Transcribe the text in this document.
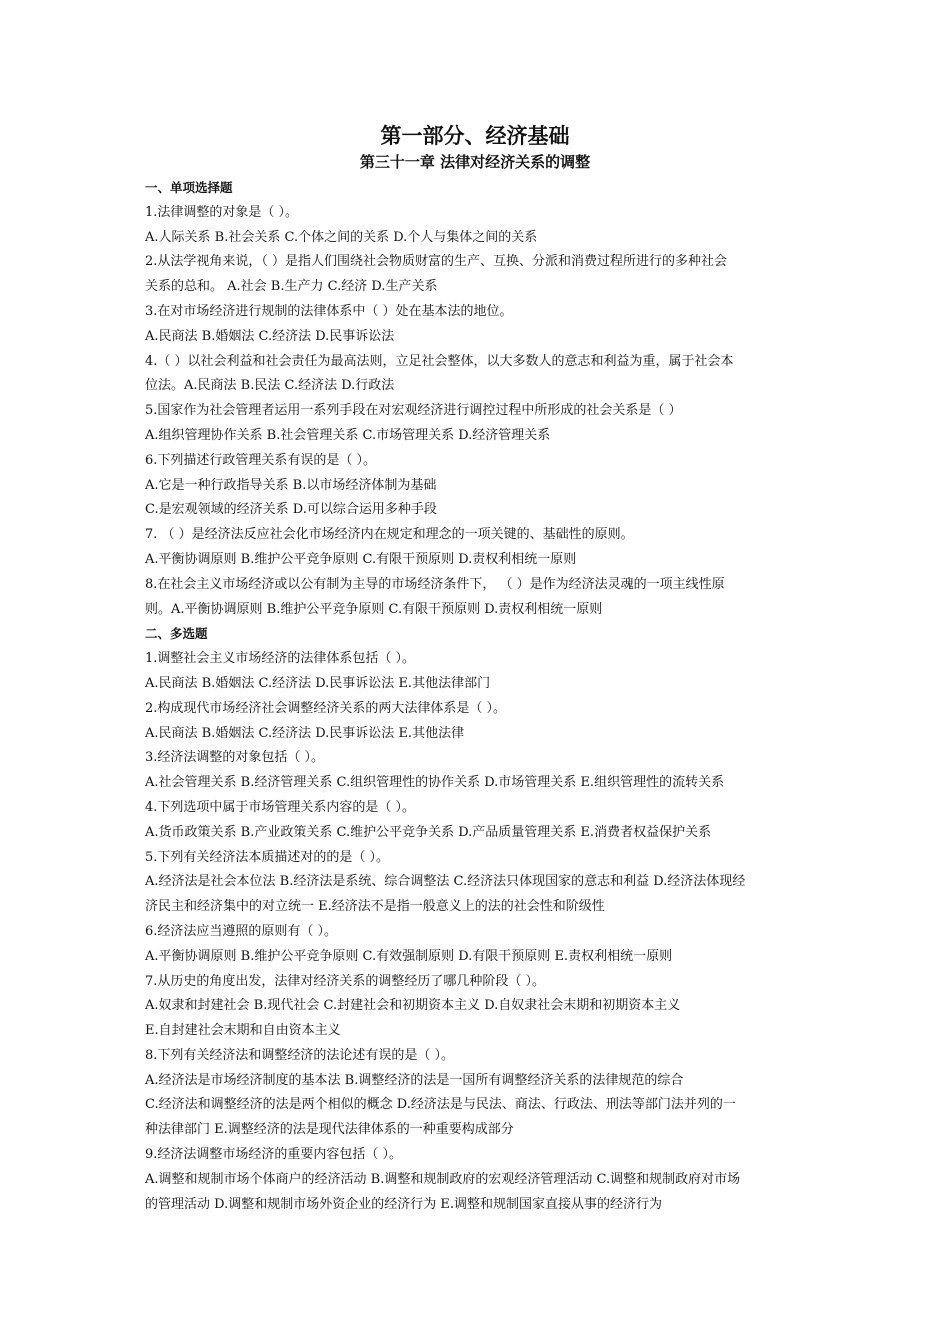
第一部分、经济基础
第三十一章 法律对经济关系的调整
一、单项选择题
1.法律调整的对象是（ ）。
A.人际关系 B.社会关系 C.个体之间的关系 D.个人与集体之间的关系
2.从法学视角来说，（ ）是指人们围绕社会物质财富的生产、互换、分派和消费过程所进行的多种社会
关系的总和。 A.社会 B.生产力 C.经济 D.生产关系
3.在对市场经济进行规制的法律体系中（ ）处在基本法的地位。
A.民商法 B.婚姻法 C.经济法 D.民事诉讼法
4.（ ）以社会利益和社会责任为最高法则，立足社会整体，以大多数人的意志和利益为重，属于社会本
位法。A.民商法 B.民法 C.经济法 D.行政法
5.国家作为社会管理者运用一系列手段在对宏观经济进行调控过程中所形成的社会关系是（ ）
A.组织管理协作关系 B.社会管理关系 C.市场管理关系 D.经济管理关系
6.下列描述行政管理关系有误的是（ ）。
A.它是一种行政指导关系 B.以市场经济体制为基础
C.是宏观领域的经济关系 D.可以综合运用多种手段
7. （ ）是经济法反应社会化市场经济内在规定和理念的一项关键的、基础性的原则。
A.平衡协调原则 B.维护公平竞争原则 C.有限干预原则 D.责权利相统一原则
8.在社会主义市场经济或以公有制为主导的市场经济条件下， （ ）是作为经济法灵魂的一项主线性原
则。A.平衡协调原则 B.维护公平竞争原则 C.有限干预原则 D.责权利相统一原则
二、多选题
1.调整社会主义市场经济的法律体系包括（ ）。
A.民商法 B.婚姻法 C.经济法 D.民事诉讼法 E.其他法律部门
2.构成现代市场经济社会调整经济关系的两大法律体系是（ ）。
A.民商法 B.婚姻法 C.经济法 D.民事诉讼法 E.其他法律
3.经济法调整的对象包括（ ）。
A.社会管理关系 B.经济管理关系 C.组织管理性的协作关系 D.市场管理关系 E.组织管理性的流转关系
4.下列选项中属于市场管理关系内容的是（ ）。
A.货币政策关系 B.产业政策关系 C.维护公平竞争关系 D.产品质量管理关系 E.消费者权益保护关系
5.下列有关经济法本质描述对的的是（ ）。
A.经济法是社会本位法 B.经济法是系统、综合调整法 C.经济法只体现国家的意志和利益 D.经济法体现经
济民主和经济集中的对立统一 E.经济法不是指一般意义上的法的社会性和阶级性
6.经济法应当遵照的原则有（ ）。
A.平衡协调原则 B.维护公平竞争原则 C.有效强制原则 D.有限干预原则 E.责权利相统一原则
7.从历史的角度出发，法律对经济关系的调整经历了哪几种阶段（ ）。
A.奴隶和封建社会 B.现代社会 C.封建社会和初期资本主义 D.自奴隶社会末期和初期资本主义
E.自封建社会末期和自由资本主义
8.下列有关经济法和调整经济的法论述有误的是（ ）。
A.经济法是市场经济制度的基本法 B.调整经济的法是一国所有调整经济关系的法律规范的综合
C.经济法和调整经济的法是两个相似的概念 D.经济法是与民法、商法、行政法、刑法等部门法并列的一
种法律部门 E.调整经济的法是现代法律体系的一种重要构成部分
9.经济法调整市场经济的重要内容包括（ ）。
A.调整和规制市场个体商户的经济活动 B.调整和规制政府的宏观经济管理活动 C.调整和规制政府对市场
的管理活动 D.调整和规制市场外资企业的经济行为 E.调整和规制国家直接从事的经济行为
